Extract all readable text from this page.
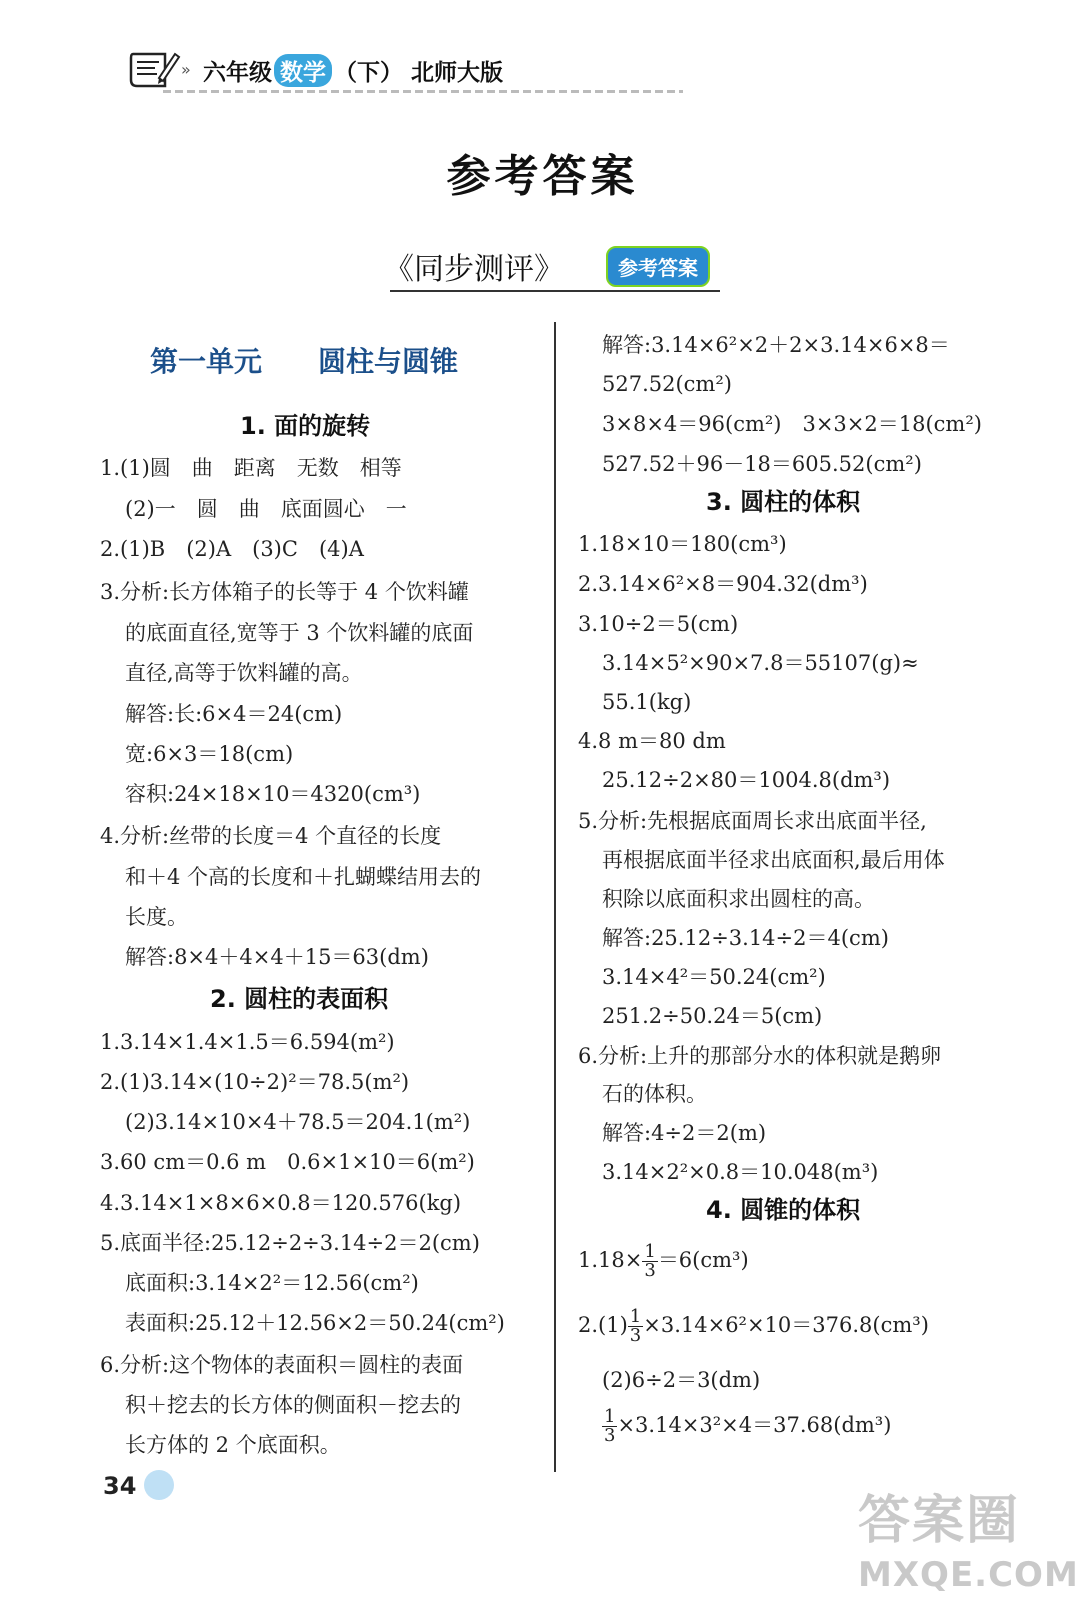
» 六年级 数学 （下） 北师大版
参考答案
《同步测评》	参考答案
第一单元　　圆柱与圆锥
1. 面的旋转
1.(1)圆　曲　距离　无数　相等
(2)一　圆　曲　底面圆心　一
2.(1)B　(2)A　(3)C　(4)A
3.分析:长方体箱子的长等于 4 个饮料罐
的底面直径,宽等于 3 个饮料罐的底面
直径,高等于饮料罐的高。
解答:长:6×4＝24(cm)
宽:6×3＝18(cm)
容积:24×18×10＝4320(cm³)
4.分析:丝带的长度＝4 个直径的长度
和＋4 个高的长度和＋扎蝴蝶结用去的
长度。
解答:8×4＋4×4＋15＝63(dm)
2. 圆柱的表面积
1.3.14×1.4×1.5＝6.594(m²)
2.(1)3.14×(10÷2)²＝78.5(m²)
(2)3.14×10×4＋78.5＝204.1(m²)
3.60 cm＝0.6 m　0.6×1×10＝6(m²)
4.3.14×1×8×6×0.8＝120.576(kg)
5.底面半径:25.12÷2÷3.14÷2＝2(cm)
底面积:3.14×2²＝12.56(cm²)
表面积:25.12＋12.56×2＝50.24(cm²)
6.分析:这个物体的表面积＝圆柱的表面
积＋挖去的长方体的侧面积－挖去的
长方体的 2 个底面积。
解答:3.14×6²×2＋2×3.14×6×8＝
527.52(cm²)
3×8×4＝96(cm²)　3×3×2＝18(cm²)
527.52＋96－18＝605.52(cm²)
3. 圆柱的体积
1.18×10＝180(cm³)
2.3.14×6²×8＝904.32(dm³)
3.10÷2＝5(cm)
3.14×5²×90×7.8＝55107(g)≈
55.1(kg)
4.8 m＝80 dm
25.12÷2×80＝1004.8(dm³)
5.分析:先根据底面周长求出底面半径,
再根据底面半径求出底面积,最后用体
积除以底面积求出圆柱的高。
解答:25.12÷3.14÷2＝4(cm)
3.14×4²＝50.24(cm²)
251.2÷50.24＝5(cm)
6.分析:上升的那部分水的体积就是鹅卵
石的体积。
解答:4÷2＝2(m)
3.14×2²×0.8＝10.048(m³)
4. 圆锥的体积
$1.18\times \frac{1}{3} =6(cm^3)$
$2.(1) \frac{1}{3} \times 3.14\times 6^2\times 10=376.8(cm^3)$
(2)6÷2＝3(dm)
$\frac{1}{3} \times 3.14\times 3^2\times 4=37.68(dm^3)$
34
答案圈
MXQE.COM
